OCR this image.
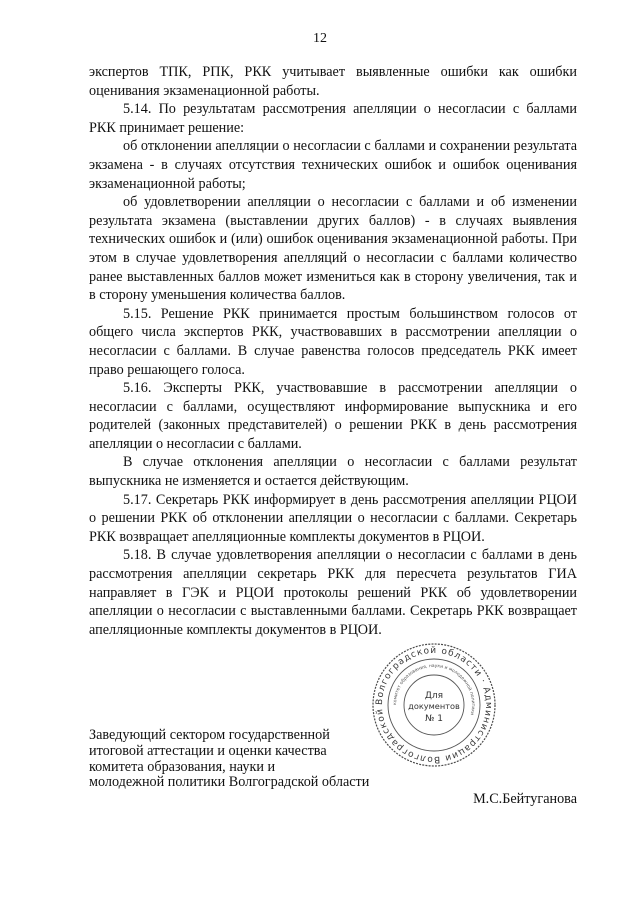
12

экспертов ТПК, РПК, РКК учитывает выявленные ошибки как ошибки оценивания экзаменационной работы.

5.14. По результатам рассмотрения апелляции о несогласии с баллами РКК принимает решение:

об отклонении апелляции о несогласии с баллами и сохранении результата экзамена - в случаях отсутствия технических ошибок и ошибок оценивания экзаменационной работы;

об удовлетворении апелляции о несогласии с баллами и об изменении результата экзамена (выставлении других баллов) - в случаях выявления технических ошибок и (или) ошибок оценивания экзаменационной работы. При этом в случае удовлетворения апелляций о несогласии с баллами количество ранее выставленных баллов может измениться как в сторону увеличения, так и в сторону уменьшения количества баллов.

5.15. Решение РКК принимается простым большинством голосов от общего числа экспертов РКК, участвовавших в рассмотрении апелляции о несогласии с баллами. В случае равенства голосов председатель РКК имеет право решающего голоса.

5.16. Эксперты РКК, участвовавшие в рассмотрении апелляции о несогласии с баллами, осуществляют информирование выпускника и его родителей (законных представителей) о решении РКК в день рассмотрения апелляции о несогласии с баллами.

В случае отклонения апелляции о несогласии с баллами результат выпускника не изменяется и остается действующим.

5.17. Секретарь РКК информирует в день рассмотрения апелляции РЦОИ о решении РКК об отклонении апелляции о несогласии с баллами. Секретарь РКК возвращает апелляционные комплекты документов в РЦОИ.

5.18. В случае удовлетворения апелляции о несогласии с баллами в день рассмотрения апелляции секретарь РКК для пересчета результатов ГИА направляет в ГЭК и РЦОИ протоколы решений РКК об удовлетворении апелляции о несогласии с выставленными баллами. Секретарь РКК возвращает апелляционные комплекты документов в РЦОИ.

Волгоградской области · Администрации Волгоградской
комитет образования, науки и молодежной политики
Для
документов
№ 1
Заведующий сектором государственной
итоговой аттестации и оценки качества
комитета образования, науки и
молодежной политики Волгоградской области
М.С.Бейтуганова
